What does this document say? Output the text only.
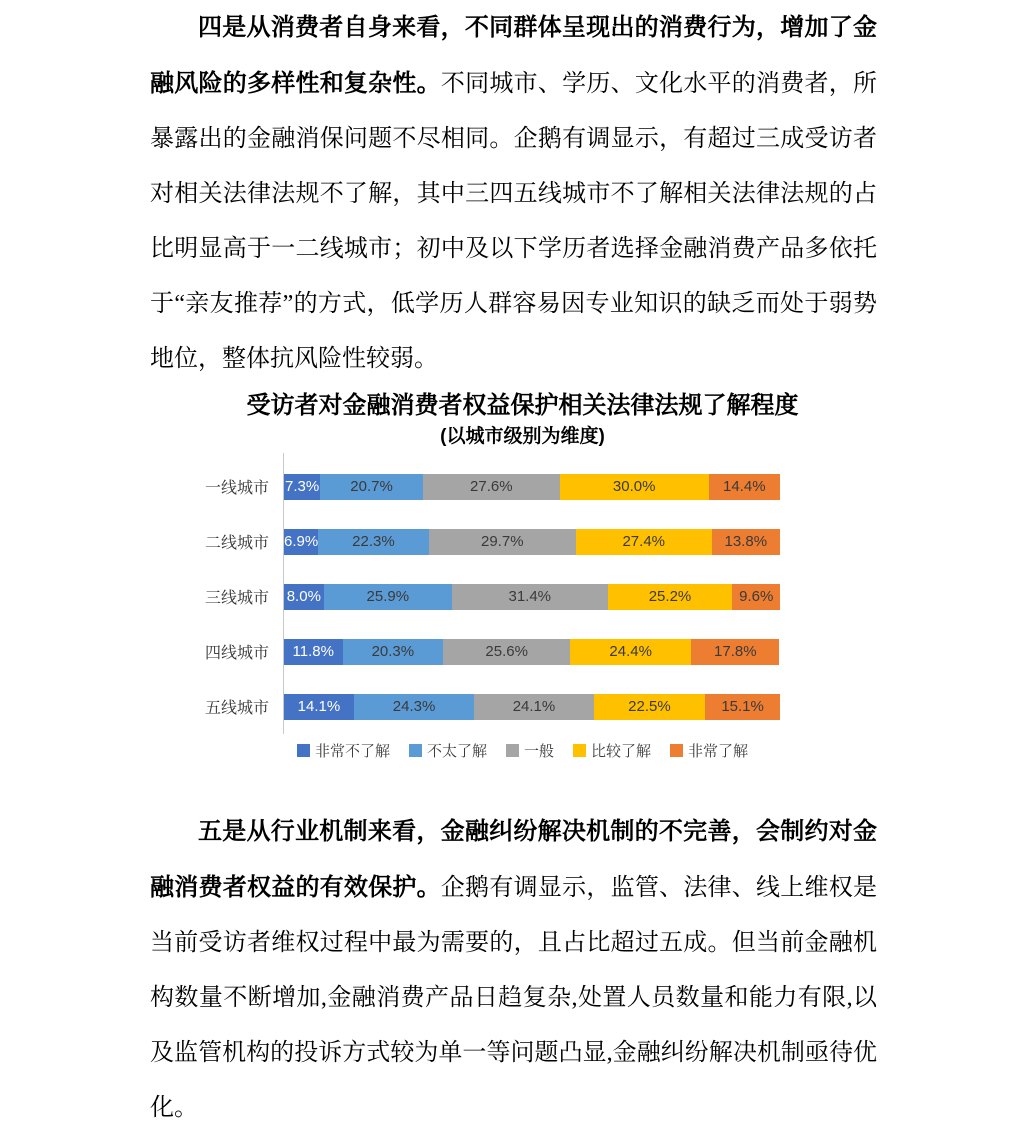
四是从消费者自身来看，不同群体呈现出的消费行为，增加了金融风险的多样性和复杂性。不同城市、学历、文化水平的消费者，所暴露出的金融消保问题不尽相同。企鹅有调显示，有超过三成受访者对相关法律法规不了解，其中三四五线城市不了解相关法律法规的占比明显高于一二线城市；初中及以下学历者选择金融消费产品多依托于“亲友推荐”的方式，低学历人群容易因专业知识的缺乏而处于弱势地位，整体抗风险性较弱。

受访者对金融消费者权益保护相关法律法规了解程度
(以城市级别为维度)
一线城市	7.3% 20.7%	27.6%	30.0%	14.4%
二线城市	6.9% 22.3%	29.7%	27.4%	13.8%
三线城市	8.0%	25.9%	31.4%	25.2%	9.6%
四线城市	11.8%	20.3%	25.6%	24.4%	17.8%
五线城市	14.1%	24.3%	24.1%	22.5%	15.1%
非常不了解 不太了解 一般 比较了解 非常了解

五是从行业机制来看，金融纠纷解决机制的不完善，会制约对金融消费者权益的有效保护。企鹅有调显示，监管、法律、线上维权是当前受访者维权过程中最为需要的，且占比超过五成。但当前金融机构数量不断增加,金融消费产品日趋复杂,处置人员数量和能力有限,以及监管机构的投诉方式较为单一等问题凸显,金融纠纷解决机制亟待优化。
